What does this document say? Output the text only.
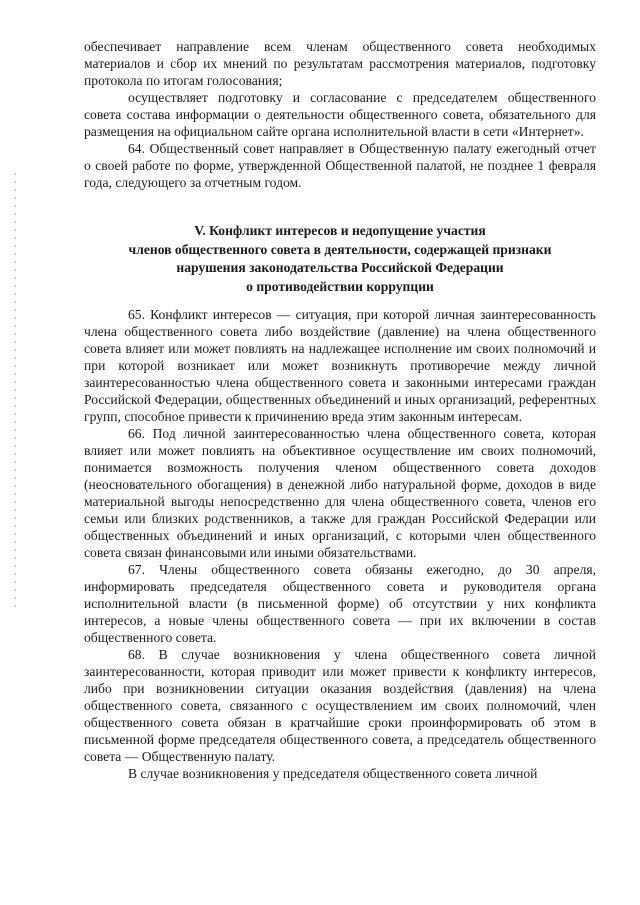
обеспечивает направление всем членам общественного совета необходимых материалов и сбор их мнений по результатам рассмотрения материалов, подготовку протокола по итогам голосования;

осуществляет подготовку и согласование с председателем общественного совета состава информации о деятельности общественного совета, обязательного для размещения на официальном сайте органа исполнительной власти в сети «Интернет».

64. Общественный совет направляет в Общественную палату ежегодный отчет о своей работе по форме, утвержденной Общественной палатой, не позднее 1 февраля года, следующего за отчетным годом.

V. Конфликт интересов и недопущение участия
членов общественного совета в деятельности, содержащей признаки
нарушения законодательства Российской Федерации
о противодействии коррупции

65. Конфликт интересов — ситуация, при которой личная заинтересованность члена общественного совета либо воздействие (давление) на члена общественного совета влияет или может повлиять на надлежащее исполнение им своих полномочий и при которой возникает или может возникнуть противоречие между личной заинтересованностью члена общественного совета и законными интересами граждан Российской Федерации, общественных объединений и иных организаций, референтных групп, способное привести к причинению вреда этим законным интересам.

66. Под личной заинтересованностью члена общественного совета, которая влияет или может повлиять на объективное осуществление им своих полномочий, понимается возможность получения членом общественного совета доходов (неосновательного обогащения) в денежной либо натуральной форме, доходов в виде материальной выгоды непосредственно для члена общественного совета, членов его семьи или близких родственников, а также для граждан Российской Федерации или общественных объединений и иных организаций, с которыми член общественного совета связан финансовыми или иными обязательствами.

67. Члены общественного совета обязаны ежегодно, до 30 апреля, информировать председателя общественного совета и руководителя органа исполнительной власти (в письменной форме) об отсутствии у них конфликта интересов, а новые члены общественного совета — при их включении в состав общественного совета.

68. В случае возникновения у члена общественного совета личной заинтересованности, которая приводит или может привести к конфликту интересов, либо при возникновении ситуации оказания воздействия (давления) на члена общественного совета, связанного с осуществлением им своих полномочий, член общественного совета обязан в кратчайшие сроки проинформировать об этом в письменной форме председателя общественного совета, а председатель общественного совета — Общественную палату.

В случае возникновения у председателя общественного совета личной
